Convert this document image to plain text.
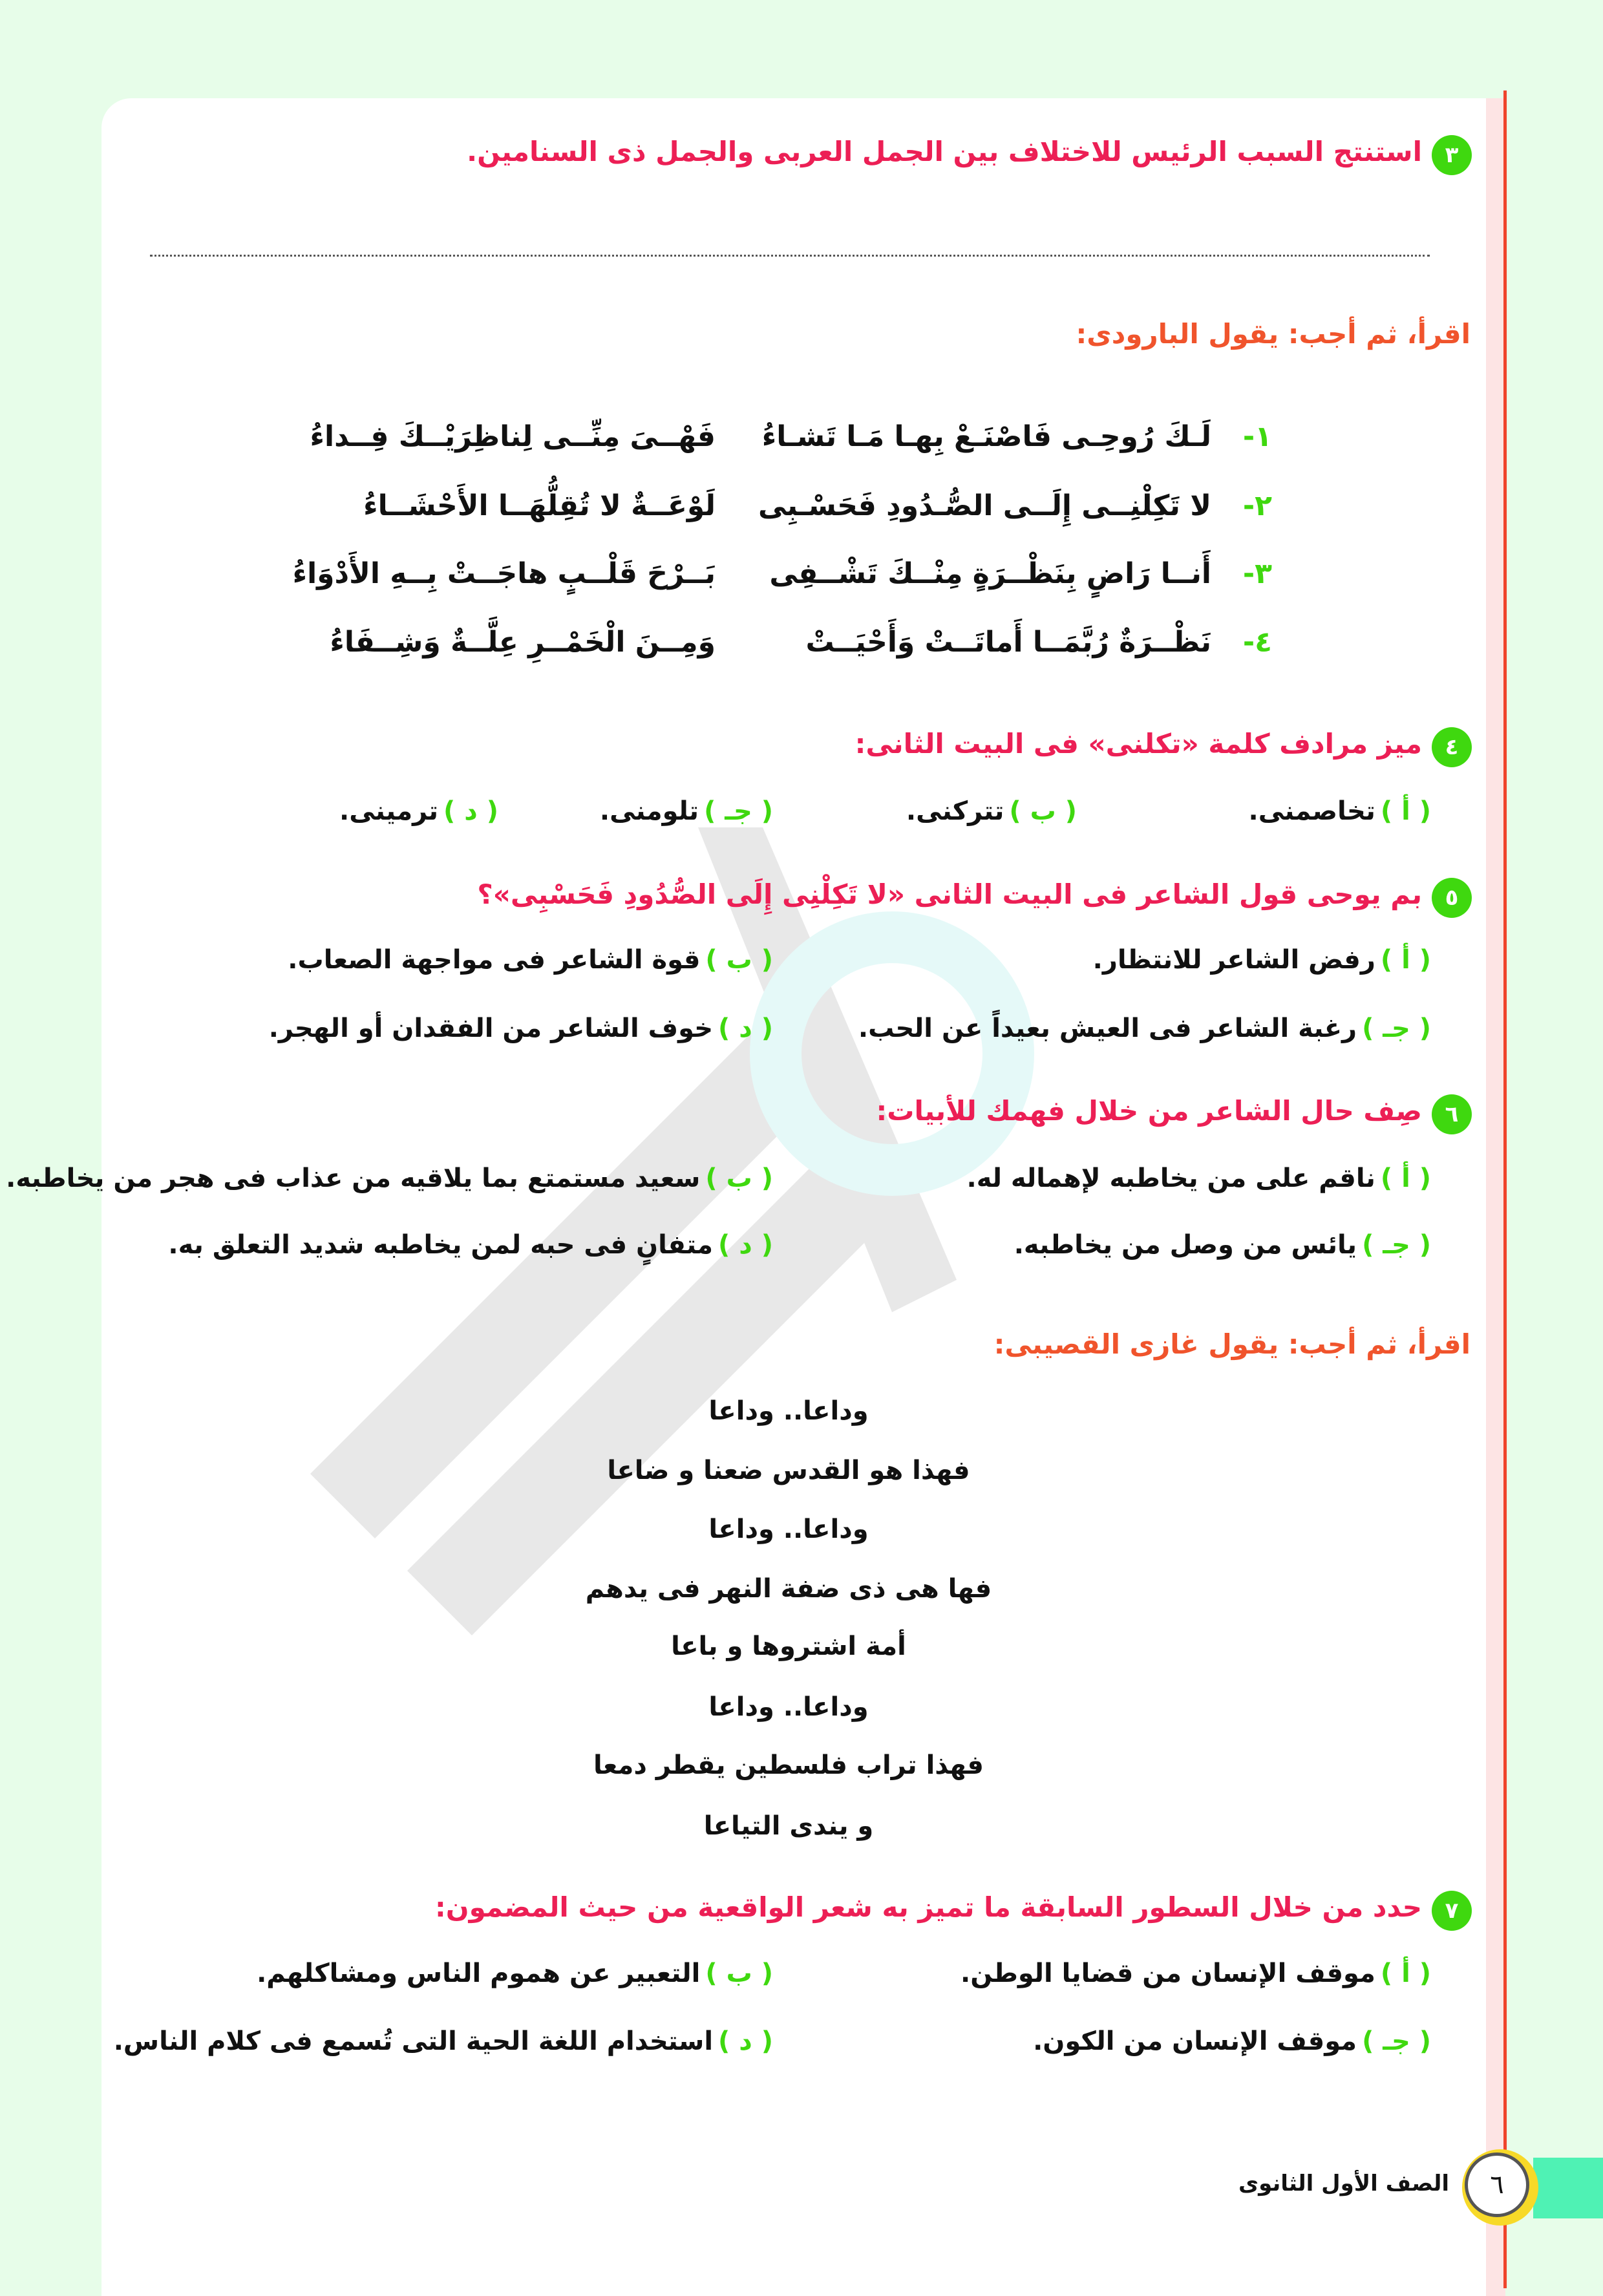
٣
استنتج السبب الرئيس للاختلاف بين الجمل العربى والجمل ذى السنامين.
اقرأ، ثم أجب: يقول البارودى:
١-
لَـكَ رُوحِـى فَاصْنَـعْ بِهـا مَـا تَشـاءُ
فَهْــىَ مِنِّــى لِناظِرَيْــكَ فِــداءُ
٢-
لا تَكِلْنِــى إِلَــى الصُّـدُودِ فَحَسْـبِى
لَوْعَــةٌ لا تُقِلُّهَــا الأَحْشَــاءُ
٣-
أَنــا رَاضٍ بِنَظْــرَةٍ مِنْــكَ تَشْــفِى
بَــرْحَ قَلْــبٍ هاجَــتْ بِــهِ الأَدْوَاءُ
٤-
نَظْــرَةٌ رُبَّمَــا أَماتَــتْ وَأَحْيَــتْ
وَمِــنَ الْخَمْــرِ عِلَّــةٌ وَشِــفَاءُ
٤
ميز مرادف كلمة «تكلنى» فى البيت الثانى:
( أ )تخاصمنى.
( ب )تتركنى.
( جـ )تلومنى.
( د )ترمينى.
٥
بم يوحى قول الشاعر فى البيت الثانى «لا تَكِلْنِى إِلَى الصُّدُودِ فَحَسْبِى»؟
( أ )رفض الشاعر للانتظار.
( ب )قوة الشاعر فى مواجهة الصعاب.
( جـ )رغبة الشاعر فى العيش بعيداً عن الحب.
( د )خوف الشاعر من الفقدان أو الهجر.
٦
صِف حال الشاعر من خلال فهمك للأبيات:
( أ )ناقم على من يخاطبه لإهماله له.
( ب )سعيد مستمتع بما يلاقيه من عذاب فى هجر من يخاطبه.
( جـ )يائس من وصل من يخاطبه.
( د )متفانٍ فى حبه لمن يخاطبه شديد التعلق به.
اقرأ، ثم أجب: يقول غازى القصيبى:
وداعا.. وداعا
فهذا هو القدس ضعنا و ضاعا
وداعا.. وداعا
فها هى ذى ضفة النهر فى يدهم
أمة اشتروها و باعا
وداعا.. وداعا
فهذا تراب فلسطين يقطر دمعا
و يندى التياعا
٧
حدد من خلال السطور السابقة ما تميز به شعر الواقعية من حيث المضمون:
( أ )موقف الإنسان من قضايا الوطن.
( ب )التعبير عن هموم الناس ومشاكلهم.
( جـ )موقف الإنسان من الكون.
( د )استخدام اللغة الحية التى تُسمع فى كلام الناس.
٦
الصف الأول الثانوى
